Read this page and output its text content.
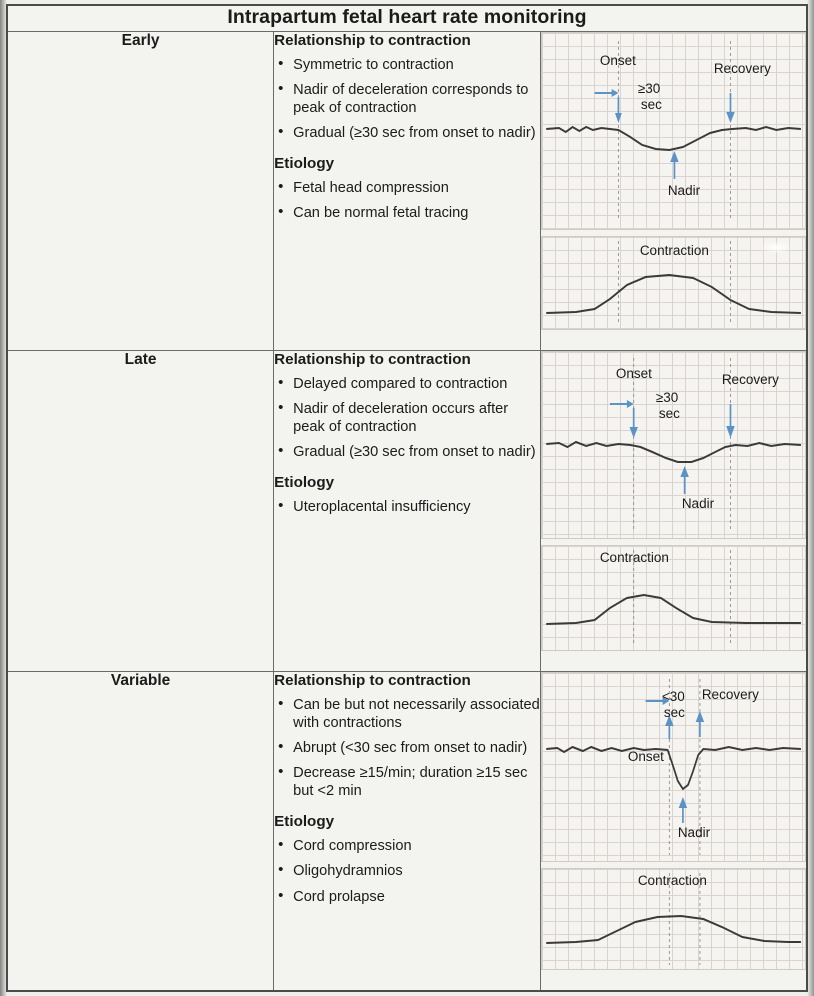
Intrapartum fetal heart rate monitoring		
Early	Relationship to contraction
• Symmetric to contraction
• Nadir of deceleration corresponds to peak of contraction
• Gradual (≥30 sec from onset to nadir)
Etiology
• Fetal head compression
• Can be normal fetal tracing

Onset
Recovery
≥30
sec
Nadir
Contraction

Late	Relationship to contraction
• Delayed compared to contraction
• Nadir of deceleration occurs after peak of contraction
• Gradual (≥30 sec from onset to nadir)
Etiology
• Uteroplacental insufficiency

Onset	Recovery
≥30
sec
Nadir
Contraction

Variable	Relationship to contraction
• Can be but not necessarily associated with contractions
• Abrupt (<30 sec from onset to nadir)
• Decrease ≥15/min; duration ≥15 sec but <2 min
Etiology
• Cord compression
• Oligohydramnios
• Cord prolapse

<30
sec
Recovery
Onset
Nadir
Contraction
